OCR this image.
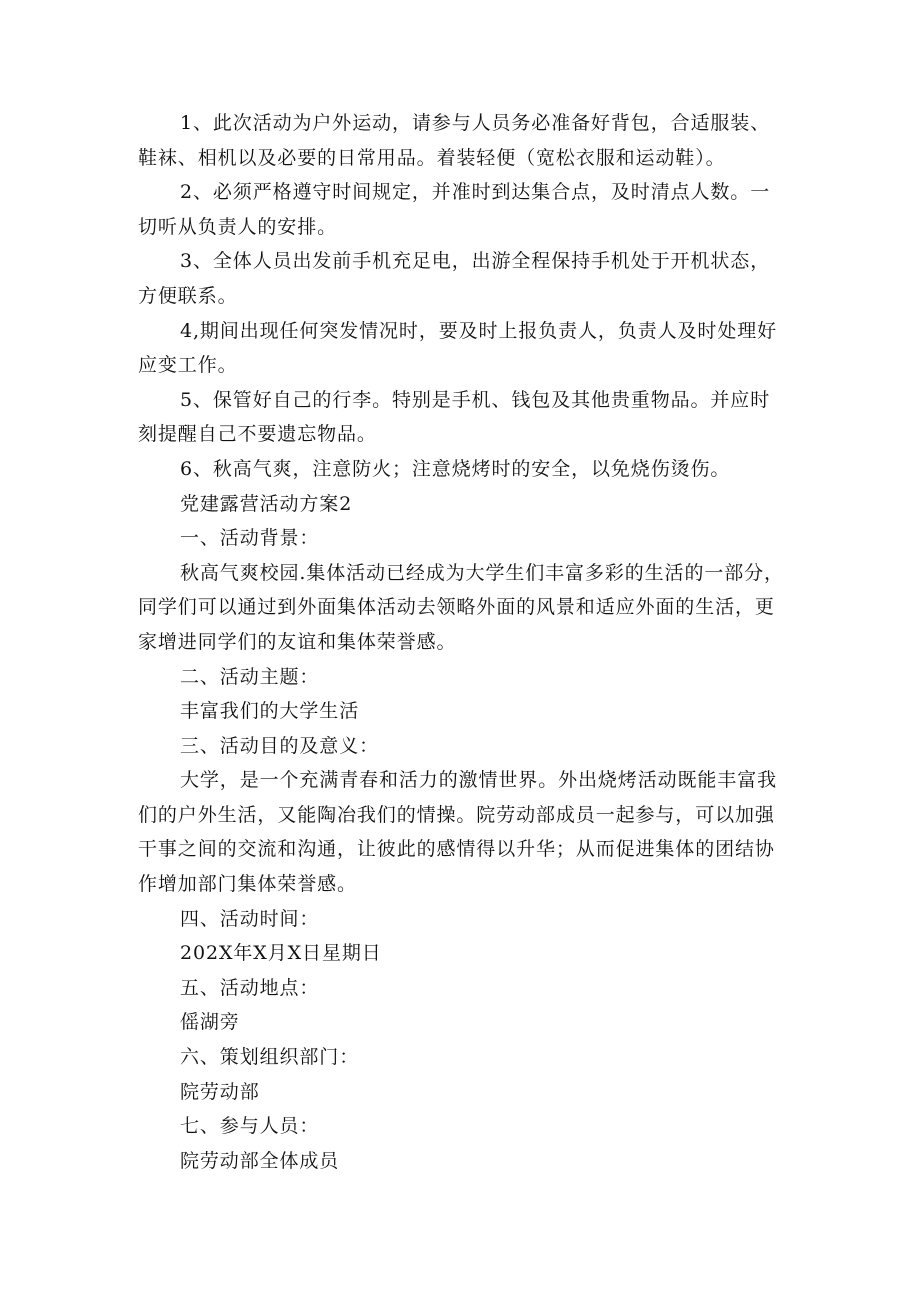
1、此次活动为户外运动，请参与人员务必准备好背包，合适服装、
鞋袜、相机以及必要的日常用品。着装轻便（宽松衣服和运动鞋）。
2、必须严格遵守时间规定，并准时到达集合点，及时清点人数。一
切听从负责人的安排。
3、全体人员出发前手机充足电，出游全程保持手机处于开机状态，
方便联系。
4,期间出现任何突发情况时，要及时上报负责人，负责人及时处理好
应变工作。
5、保管好自己的行李。特别是手机、钱包及其他贵重物品。并应时
刻提醒自己不要遗忘物品。
6、秋高气爽，注意防火；注意烧烤时的安全，以免烧伤烫伤。
党建露营活动方案2
一、活动背景：
秋高气爽校园.集体活动已经成为大学生们丰富多彩的生活的一部分，
同学们可以通过到外面集体活动去领略外面的风景和适应外面的生活，更
家增进同学们的友谊和集体荣誉感。
二、活动主题：
丰富我们的大学生活
三、活动目的及意义：
大学，是一个充满青春和活力的激情世界。外出烧烤活动既能丰富我
们的户外生活，又能陶冶我们的情操。院劳动部成员一起参与，可以加强
干事之间的交流和沟通，让彼此的感情得以升华；从而促进集体的团结协
作增加部门集体荣誉感。
四、活动时间：
202X年X月X日星期日
五、活动地点：
傜湖旁
六、策划组织部门：
院劳动部
七、参与人员：
院劳动部全体成员
